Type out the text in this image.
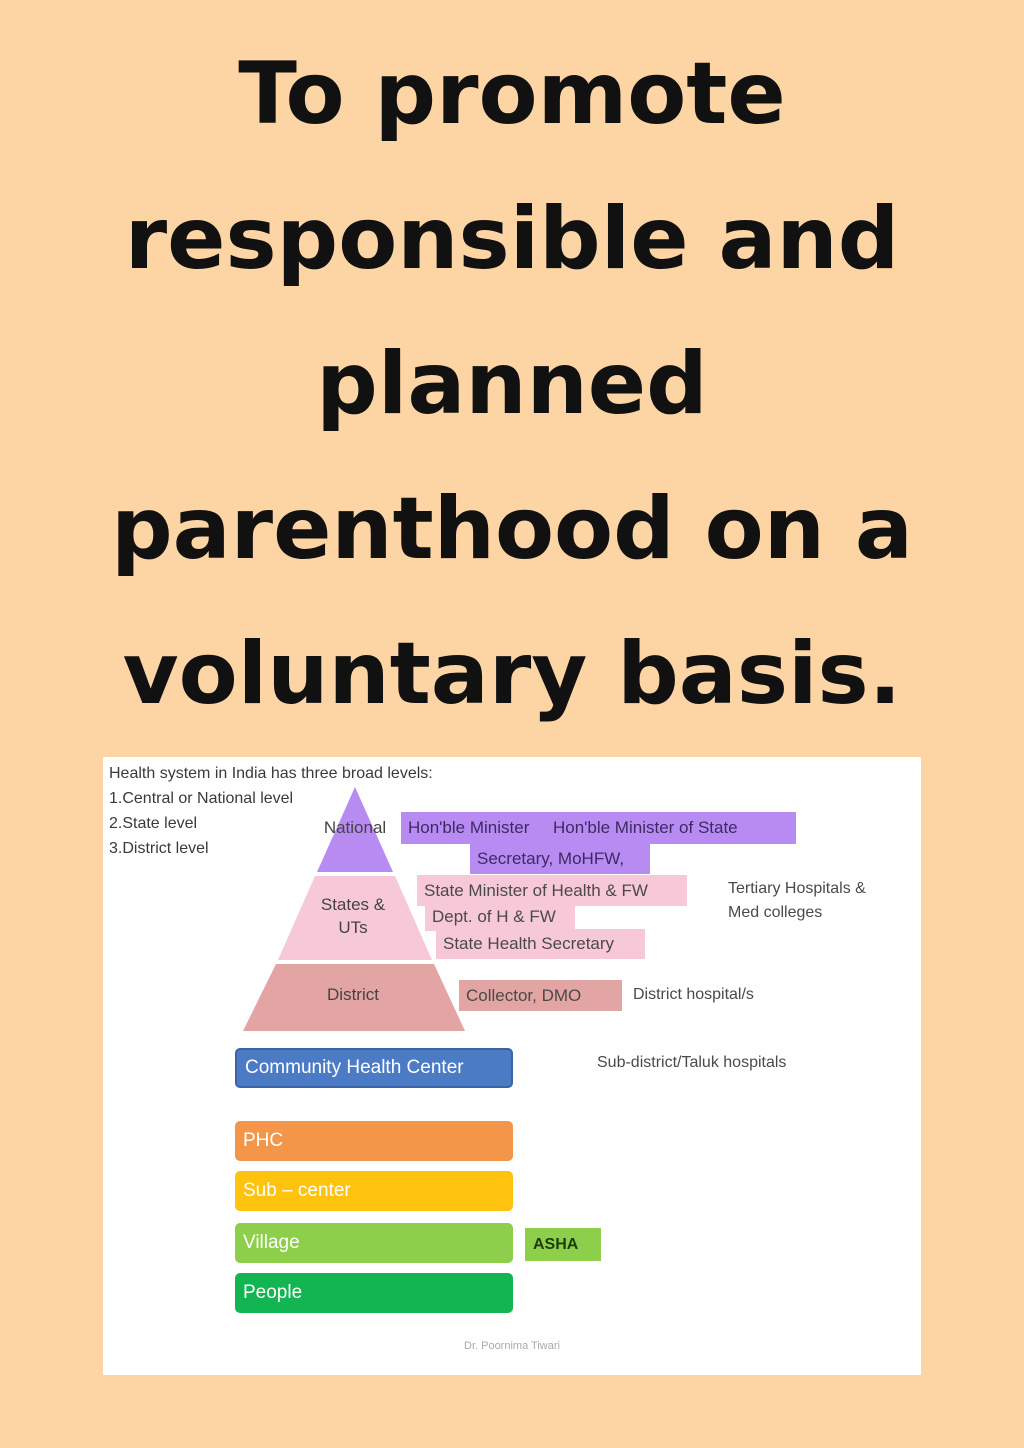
To promote
responsible and
planned
parenthood on a
voluntary basis.
Health system in India has three broad levels:
1.Central or National level
2.State level
3.District level
National
States &
UTs
District
Hon'ble Minister     Hon'ble Minister of State
Secretary, MoHFW,
State Minister of Health & FW
Dept. of H & FW
State Health Secretary
Tertiary Hospitals &
Med colleges
Collector, DMO	District hospital/s
Community Health Center	Sub-district/Taluk hospitals
PHC
Sub – center
Village	ASHA
People
Dr. Poornima Tiwari
